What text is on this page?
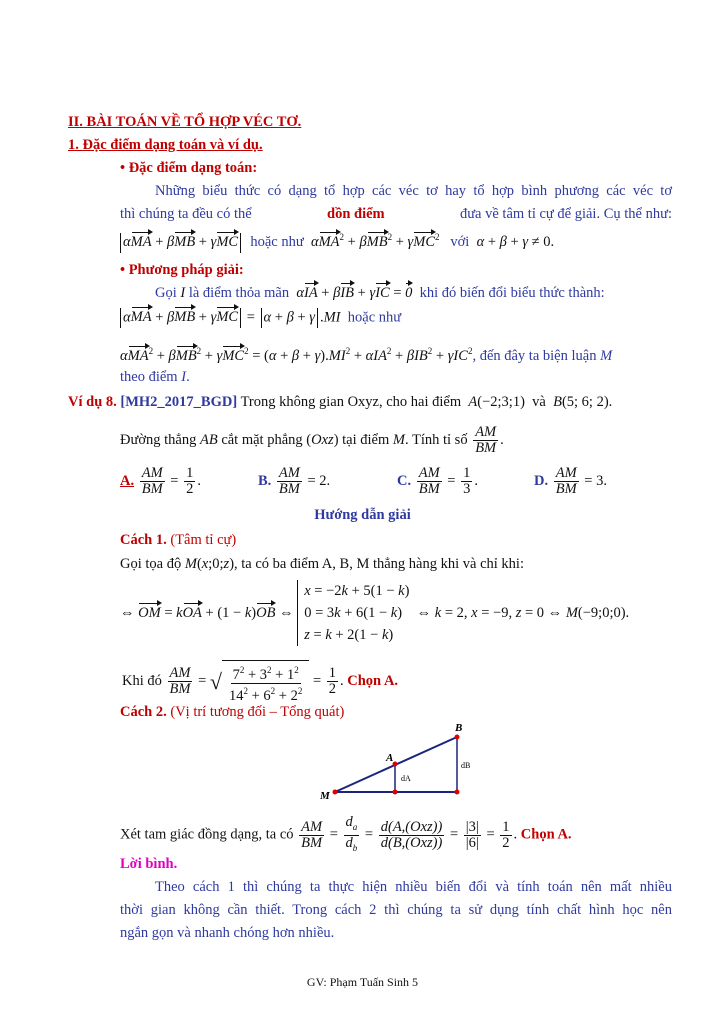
II. BÀI TOÁN VỀ TỔ HỢP VÉC TƠ.
1. Đặc điểm dạng toán và ví dụ.
• Đặc điểm dạng toán:
Những biểu thức có dạng tổ hợp các véc tơ hay tổ hợp bình phương các véc tơ
thì chúng ta đều có thể	dồn điểm	đưa về tâm tỉ cự để giải. Cụ thể như:
αMA + βMB + γMC hoặc như αMA$^2$ + βMB$^2$ + γMC$^2$ với α + β + γ ≠ 0.
• Phương pháp giải:
Gọi I là điểm thỏa mãn αIA + βIB + γIC = 0 khi đó biến đổi biểu thức thành:
αMA + βMB + γMC = α + β + γ .MI hoặc như
$\alpha MA^2 + \beta MB^2 + \gamma MC^2 = (\alpha + \beta + \gamma).MI^2 + \alpha IA^2 + \beta IB^2 + \gamma IC^2$, đến đây ta biện luận M
theo điểm I.
Ví dụ 8. [MH2_2017_BGD] Trong không gian Oxyz, cho hai điểm A(−2;3;1)  và B(5; 6; 2).
Đường thẳng AB cắt mặt phẳng (Oxz) tại điểm M. Tính tỉ số $\frac{AM}{BM}$ .
A. $\frac{AM}{BM} = \frac{1}{2}$ .	B. $\frac{AM}{BM} = 2$.	C. $\frac{AM}{BM} = \frac{1}{3}$ .	D. $\frac{AM}{BM} = 3$.
Hướng dẫn giải
Cách 1. (Tâm tỉ cự)
Gọi tọa độ M(x;0;z), ta có ba điểm A, B, M thẳng hàng khi và chỉ khi:
⇔ OM = kOA + (1 − k)OB ⇔
x = −2k + 5(1 − k)
0 = 3k + 6(1 − k)
z = k + 2(1 − k)
⇔ k = 2, x = −9, z = 0 ⇔ M(−9;0;0).
Khi đó $\frac{AM}{BM}$ = √ $\frac{7^2 + 3^2 + 1^2}{14^2 + 6^2 + 2^2} = \frac{1}{2}$ . Chọn A.
Cách 2. (Vị trí tương đối – Tổng quát)
B
A
M
dA
dB
Xét tam giác đồng dạng, ta có $\frac{AM}{BM} = \frac{d_a}{d_b} = \frac{\text{d(A,(Oxz))}}{\text{d(B,(Oxz))}} = \frac{|3|}{|6|} = \frac{1}{2}$ . Chọn A.
Lời bình.
Theo cách 1 thì chúng ta thực hiện nhiều biến đổi và tính toán nên mất nhiều
thời gian không cần thiết. Trong cách 2 thì chúng ta sử dụng tính chất hình học nên
ngắn gọn và nhanh chóng hơn nhiều.
GV: Phạm Tuấn Sinh 5
